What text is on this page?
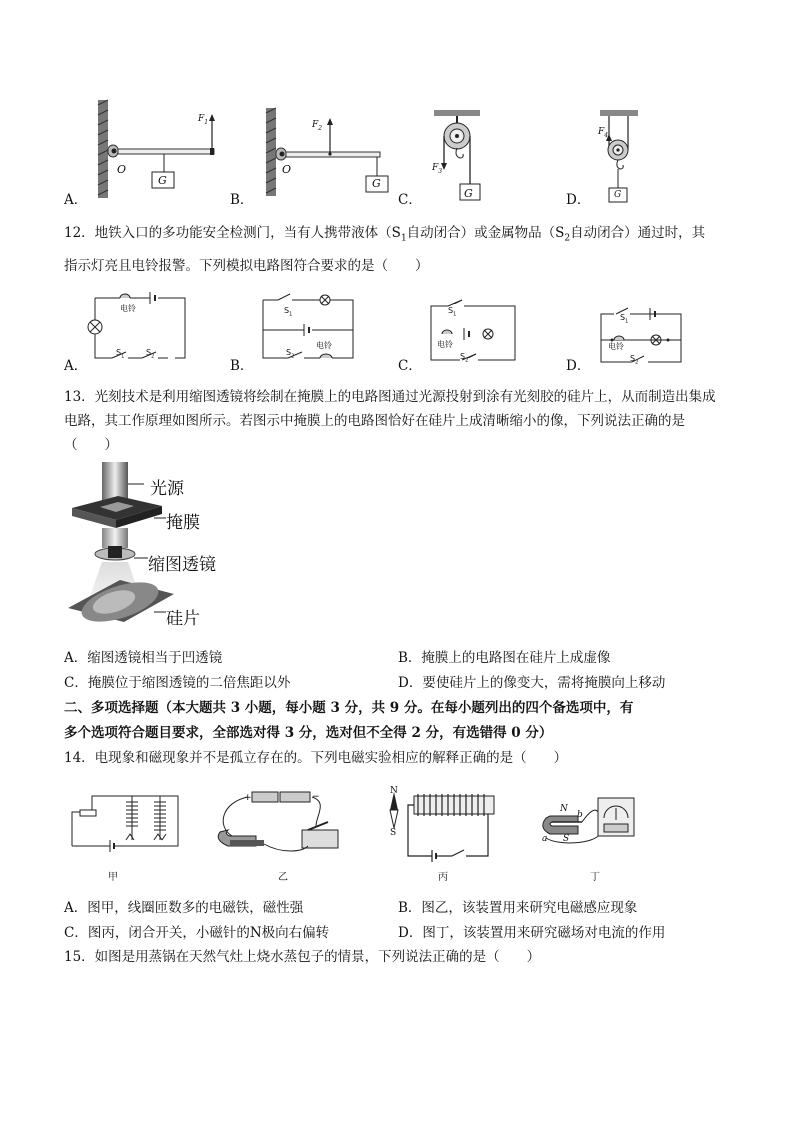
$F_1$
O
G
A．
$F_2$
O
G
B．
$F_3$
G
C．
$F_4$
G
D．
12．地铁入口的多功能安全检测门，当有人携带液体（$S_1$自动闭合）或金属物品（$S_2$自动闭合）通过时，其
指示灯亮且电铃报警。下列模拟电路图符合要求的是（　　）
电铃
$S_1$	$S_2$
A．
$S_1$
电铃
$S_2$
B．
$S_1$
电铃
$S_2$
C．
$S_1$
电铃
$S_2$
D．
13．光刻技术是利用缩图透镜将绘制在掩膜上的电路图通过光源投射到涂有光刻胶的硅片上，从而制造出集成
电路，其工作原理如图所示。若图示中掩膜上的电路图恰好在硅片上成清晰缩小的像，下列说法正确的是
（　　）
光源
掩膜
缩图透镜
硅片
A．缩图透镜相当于凹透镜	B．掩膜上的电路图在硅片上成虚像
C．掩膜位于缩图透镜的二倍焦距以外	D．要使硅片上的像变大，需将掩膜向上移动
二、多项选择题（本大题共 3 小题，每小题 3 分，共 9 分。在每小题列出的四个备选项中，有
多个选项符合题目要求，全部选对得 3 分，选对但不全得 2 分，有选错得 0 分）
14．电现象和磁现象并不是孤立存在的。下列电磁实验相应的解释正确的是（　　）
甲
+	−
乙
N
S
丙
N
S
b
a
丁
A．图甲，线圈匝数多的电磁铁，磁性强	B．图乙，该装置用来研究电磁感应现象
C．图丙，闭合开关，小磁针的N极向右偏转	D．图丁，该装置用来研究磁场对电流的作用
15．如图是用蒸锅在天然气灶上烧水蒸包子的情景，下列说法正确的是（　　）
